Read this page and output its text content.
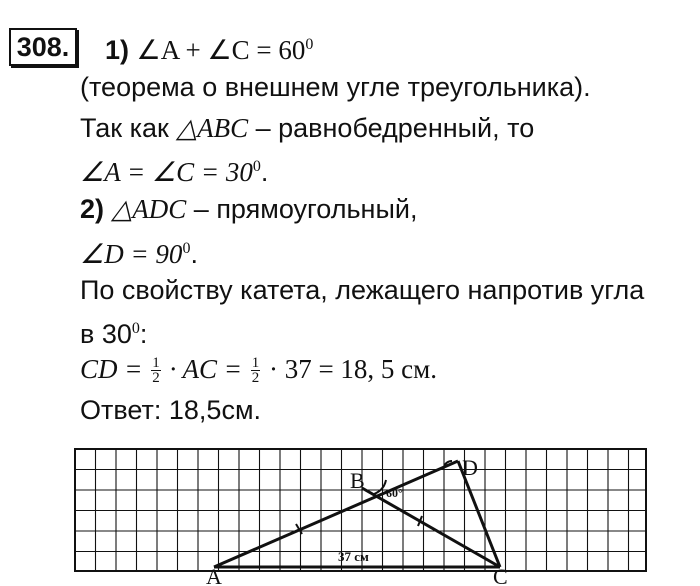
308. 1) ∠A + ∠C = $60^0$
(теорема о внешнем угле треугольника).
Так как △ABC – равнобедренный, то
∠A = ∠C = $30^0$.
2) △ADC – прямоугольный,
∠D = $90^0$.
По свойству катета, лежащего напротив угла
в $30^0$:
CD = $\frac{1}{2}$ · AC = $\frac{1}{2} \cdot 37 = 18$, 5 см.
Ответ: 18,5см.
A
B
C
D
60°
37 см
